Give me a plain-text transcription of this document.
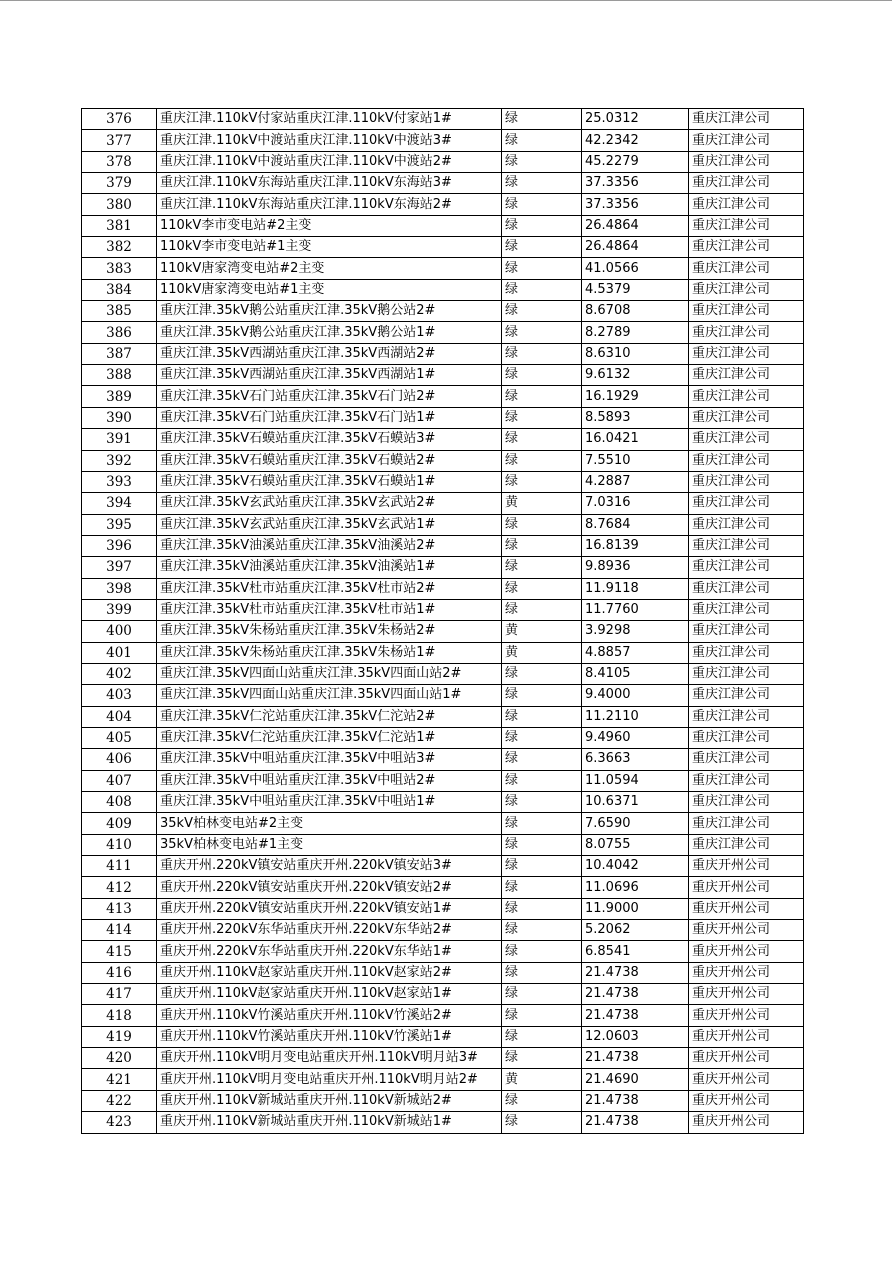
376	重庆江津.110kV付家站重庆江津.110kV付家站1#	绿	25.0312	重庆江津公司
377	重庆江津.110kV中渡站重庆江津.110kV中渡站3#	绿	42.2342	重庆江津公司
378	重庆江津.110kV中渡站重庆江津.110kV中渡站2#	绿	45.2279	重庆江津公司
379	重庆江津.110kV东海站重庆江津.110kV东海站3#	绿	37.3356	重庆江津公司
380	重庆江津.110kV东海站重庆江津.110kV东海站2#	绿	37.3356	重庆江津公司
381	110kV李市变电站#2主变	绿	26.4864	重庆江津公司
382	110kV李市变电站#1主变	绿	26.4864	重庆江津公司
383	110kV唐家湾变电站#2主变	绿	41.0566	重庆江津公司
384	110kV唐家湾变电站#1主变	绿	4.5379	重庆江津公司
385	重庆江津.35kV鹅公站重庆江津.35kV鹅公站2#	绿	8.6708	重庆江津公司
386	重庆江津.35kV鹅公站重庆江津.35kV鹅公站1#	绿	8.2789	重庆江津公司
387	重庆江津.35kV西湖站重庆江津.35kV西湖站2#	绿	8.6310	重庆江津公司
388	重庆江津.35kV西湖站重庆江津.35kV西湖站1#	绿	9.6132	重庆江津公司
389	重庆江津.35kV石门站重庆江津.35kV石门站2#	绿	16.1929	重庆江津公司
390	重庆江津.35kV石门站重庆江津.35kV石门站1#	绿	8.5893	重庆江津公司
391	重庆江津.35kV石蟆站重庆江津.35kV石蟆站3#	绿	16.0421	重庆江津公司
392	重庆江津.35kV石蟆站重庆江津.35kV石蟆站2#	绿	7.5510	重庆江津公司
393	重庆江津.35kV石蟆站重庆江津.35kV石蟆站1#	绿	4.2887	重庆江津公司
394	重庆江津.35kV玄武站重庆江津.35kV玄武站2#	黄	7.0316	重庆江津公司
395	重庆江津.35kV玄武站重庆江津.35kV玄武站1#	绿	8.7684	重庆江津公司
396	重庆江津.35kV油溪站重庆江津.35kV油溪站2#	绿	16.8139	重庆江津公司
397	重庆江津.35kV油溪站重庆江津.35kV油溪站1#	绿	9.8936	重庆江津公司
398	重庆江津.35kV杜市站重庆江津.35kV杜市站2#	绿	11.9118	重庆江津公司
399	重庆江津.35kV杜市站重庆江津.35kV杜市站1#	绿	11.7760	重庆江津公司
400	重庆江津.35kV朱杨站重庆江津.35kV朱杨站2#	黄	3.9298	重庆江津公司
401	重庆江津.35kV朱杨站重庆江津.35kV朱杨站1#	黄	4.8857	重庆江津公司
402	重庆江津.35kV四面山站重庆江津.35kV四面山站2#	绿	8.4105	重庆江津公司
403	重庆江津.35kV四面山站重庆江津.35kV四面山站1#	绿	9.4000	重庆江津公司
404	重庆江津.35kV仁沱站重庆江津.35kV仁沱站2#	绿	11.2110	重庆江津公司
405	重庆江津.35kV仁沱站重庆江津.35kV仁沱站1#	绿	9.4960	重庆江津公司
406	重庆江津.35kV中咀站重庆江津.35kV中咀站3#	绿	6.3663	重庆江津公司
407	重庆江津.35kV中咀站重庆江津.35kV中咀站2#	绿	11.0594	重庆江津公司
408	重庆江津.35kV中咀站重庆江津.35kV中咀站1#	绿	10.6371	重庆江津公司
409	35kV柏林变电站#2主变	绿	7.6590	重庆江津公司
410	35kV柏林变电站#1主变	绿	8.0755	重庆江津公司
411	重庆开州.220kV镇安站重庆开州.220kV镇安站3#	绿	10.4042	重庆开州公司
412	重庆开州.220kV镇安站重庆开州.220kV镇安站2#	绿	11.0696	重庆开州公司
413	重庆开州.220kV镇安站重庆开州.220kV镇安站1#	绿	11.9000	重庆开州公司
414	重庆开州.220kV东华站重庆开州.220kV东华站2#	绿	5.2062	重庆开州公司
415	重庆开州.220kV东华站重庆开州.220kV东华站1#	绿	6.8541	重庆开州公司
416	重庆开州.110kV赵家站重庆开州.110kV赵家站2#	绿	21.4738	重庆开州公司
417	重庆开州.110kV赵家站重庆开州.110kV赵家站1#	绿	21.4738	重庆开州公司
418	重庆开州.110kV竹溪站重庆开州.110kV竹溪站2#	绿	21.4738	重庆开州公司
419	重庆开州.110kV竹溪站重庆开州.110kV竹溪站1#	绿	12.0603	重庆开州公司
420	重庆开州.110kV明月变电站重庆开州.110kV明月站3#	绿	21.4738	重庆开州公司
421	重庆开州.110kV明月变电站重庆开州.110kV明月站2#	黄	21.4690	重庆开州公司
422	重庆开州.110kV新城站重庆开州.110kV新城站2#	绿	21.4738	重庆开州公司
423	重庆开州.110kV新城站重庆开州.110kV新城站1#	绿	21.4738	重庆开州公司
